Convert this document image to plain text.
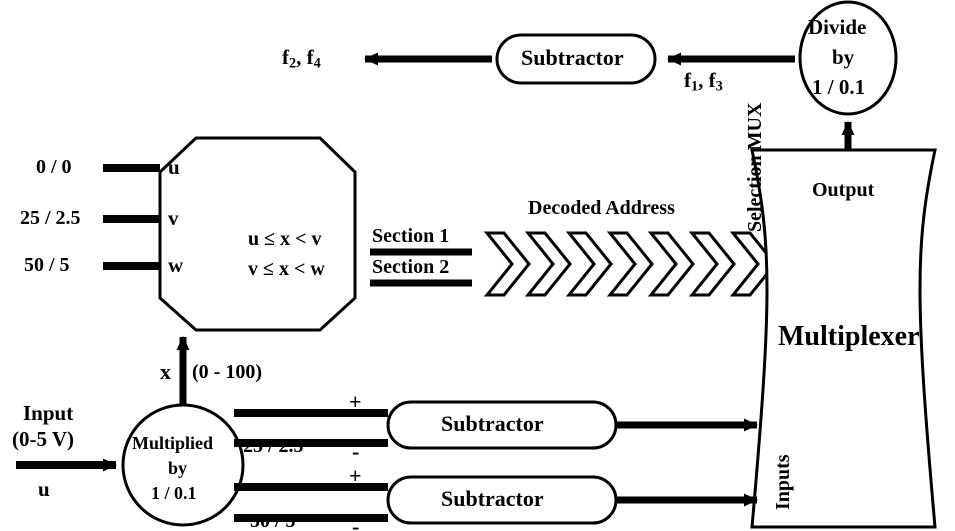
Divide
by
1 / 0.1
Subtractor
$f_1$, $f_3$
$f_2$, $f_4$
0 / 0
25 / 2.5
50 / 5
u
v
w
u ≤ x < v
v ≤ x < w
Section 1
Section 2
Decoded Address
Output
Selection MUX
Inputs
Multiplexer
x (0 - 100)
Input
(0-5 V)
u
Multiplied
by
1 / 0.1
Subtractor
Subtractor
+
-
+
-
25 / 2.5
50 / 5
